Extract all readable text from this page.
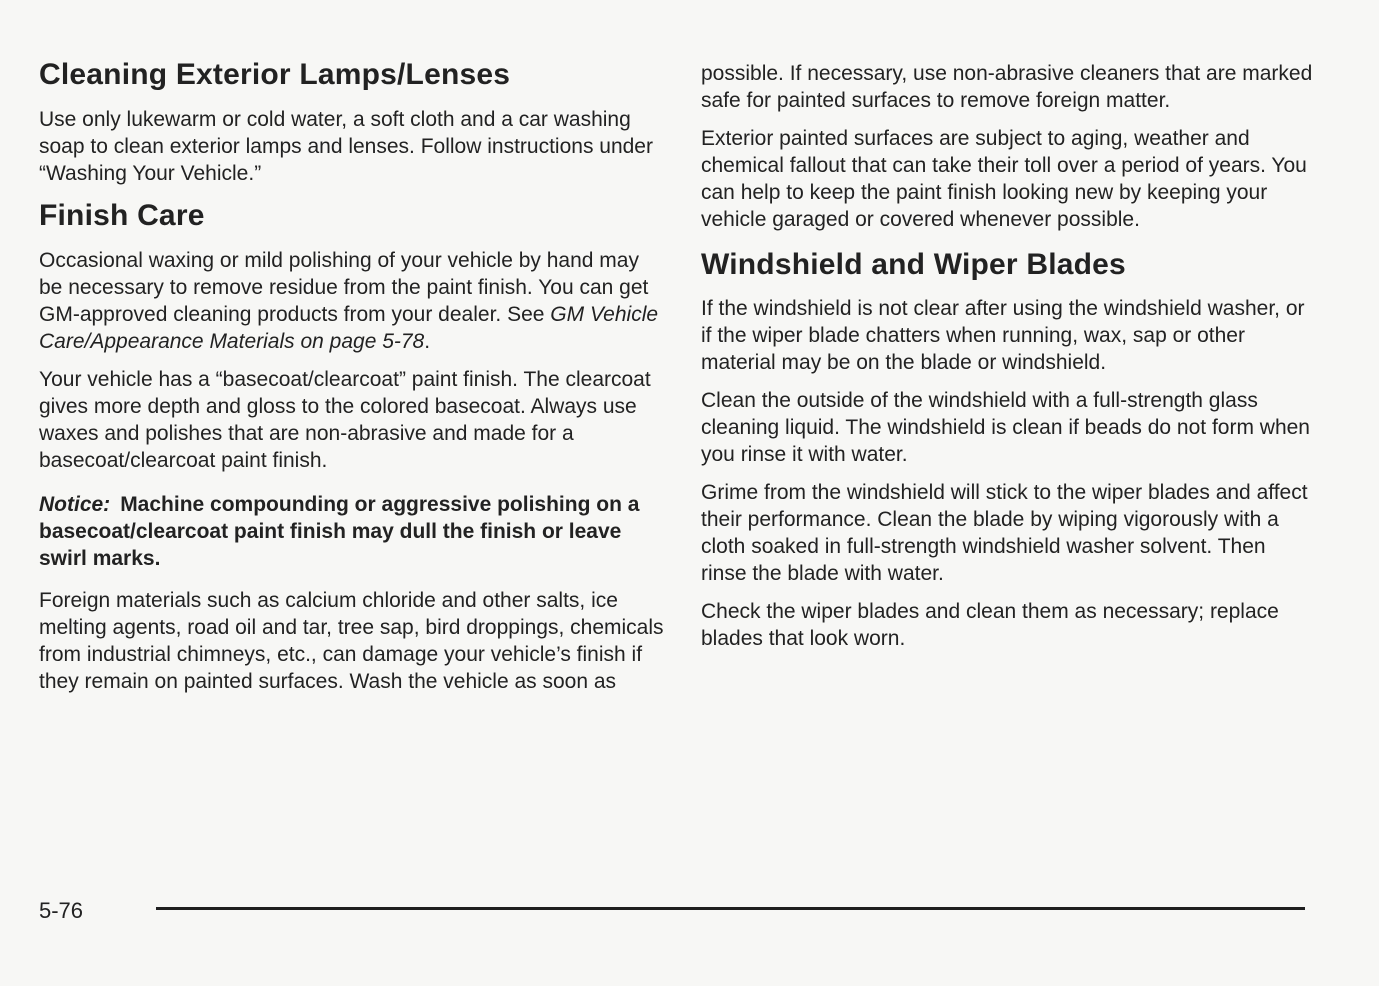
Cleaning Exterior Lamps/Lenses

Use only lukewarm or cold water, a soft cloth and a car washing soap to clean exterior lamps and lenses. Follow instructions under “Washing Your Vehicle.”

Finish Care

Occasional waxing or mild polishing of your vehicle by hand may be necessary to remove residue from the paint finish. You can get GM-approved cleaning products from your dealer. See GM Vehicle Care/Appearance Materials on page 5-78.

Your vehicle has a “basecoat/clearcoat” paint finish. The clearcoat gives more depth and gloss to the colored basecoat. Always use waxes and polishes that are non-abrasive and made for a basecoat/clearcoat paint finish.

Notice: Machine compounding or aggressive polishing on a basecoat/clearcoat paint finish may dull the finish or leave swirl marks.

Foreign materials such as calcium chloride and other salts, ice melting agents, road oil and tar, tree sap, bird droppings, chemicals from industrial chimneys, etc., can damage your vehicle’s finish if they remain on painted surfaces. Wash the vehicle as soon as

possible. If necessary, use non-abrasive cleaners that are marked safe for painted surfaces to remove foreign matter.

Exterior painted surfaces are subject to aging, weather and chemical fallout that can take their toll over a period of years. You can help to keep the paint finish looking new by keeping your vehicle garaged or covered whenever possible.

Windshield and Wiper Blades

If the windshield is not clear after using the windshield washer, or if the wiper blade chatters when running, wax, sap or other material may be on the blade or windshield.

Clean the outside of the windshield with a full-strength glass cleaning liquid. The windshield is clean if beads do not form when you rinse it with water.

Grime from the windshield will stick to the wiper blades and affect their performance. Clean the blade by wiping vigorously with a cloth soaked in full-strength windshield washer solvent. Then rinse the blade with water.

Check the wiper blades and clean them as necessary; replace blades that look worn.

5-76
